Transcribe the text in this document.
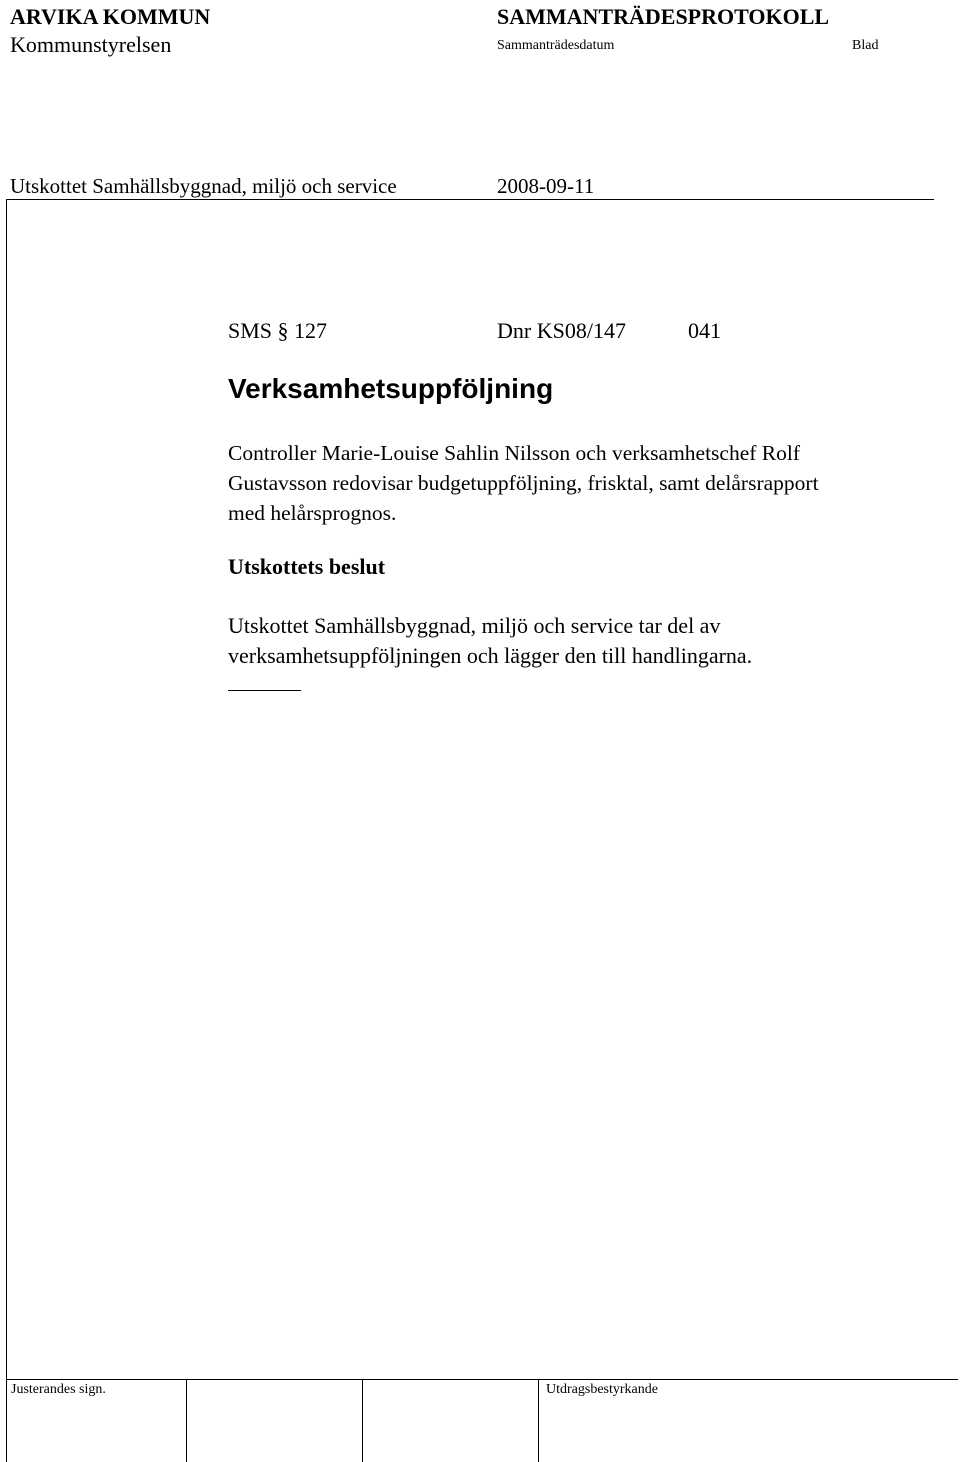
ARVIKA KOMMUN
Kommunstyrelsen
SAMMANTRÄDESPROTOKOLL
Sammanträdesdatum	Blad
Utskottet Samhällsbyggnad, miljö och service	2008-09-11
SMS § 127	Dnr KS08/147	041
Verksamhetsuppföljning
Controller Marie-Louise Sahlin Nilsson och verksamhetschef Rolf
Gustavsson redovisar budgetuppföljning, frisktal, samt delårsrapport
med helårsprognos.
Utskottets beslut
Utskottet Samhällsbyggnad, miljö och service tar del av
verksamhetsuppföljningen och lägger den till handlingarna.
Justerandes sign.	Utdragsbestyrkande
